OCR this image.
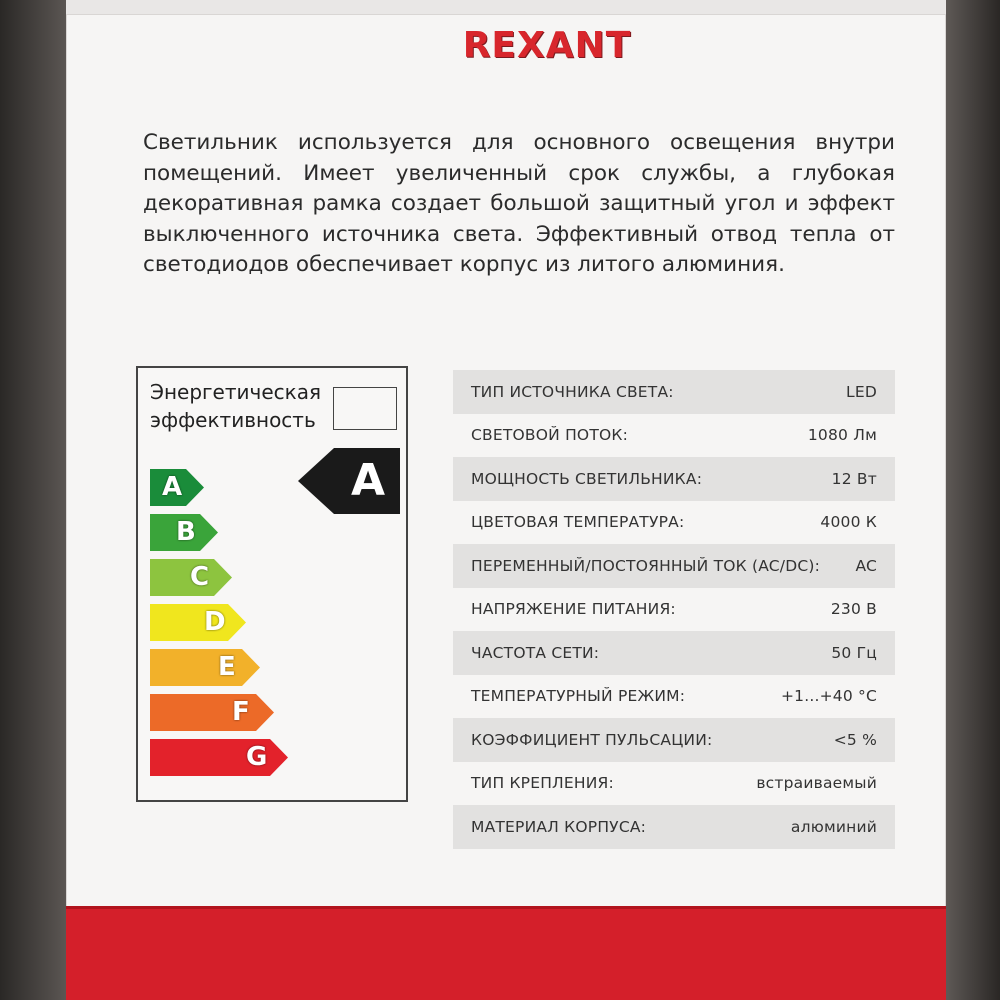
REXANT
Светильник используется для основного освещения внутри помещений. Имеет увеличенный срок службы, а глубокая декоративная рамка создает большой защитный угол и эффект выключенного источника света. Эффективный отвод тепла от светодиодов обеспечивает корпус из литого алюминия.
Энергетическая
эффективность
A
B
C
D
E
F
G
A
ТИП ИСТОЧНИКА СВЕТА:	LED
СВЕТОВОЙ ПОТОК:	1080 Лм
МОЩНОСТЬ СВЕТИЛЬНИКА:	12 Вт
ЦВЕТОВАЯ ТЕМПЕРАТУРА:	4000 К
ПЕРЕМЕННЫЙ/ПОСТОЯННЫЙ ТОК (AC/DC): AC
НАПРЯЖЕНИЕ ПИТАНИЯ:	230 В
ЧАСТОТА СЕТИ:	50 Гц
ТЕМПЕРАТУРНЫЙ РЕЖИМ:	+1...+40 °С
КОЭФФИЦИЕНТ ПУЛЬСАЦИИ:	<5 %
ТИП КРЕПЛЕНИЯ:	встраиваемый
МАТЕРИАЛ КОРПУСА:	алюминий
